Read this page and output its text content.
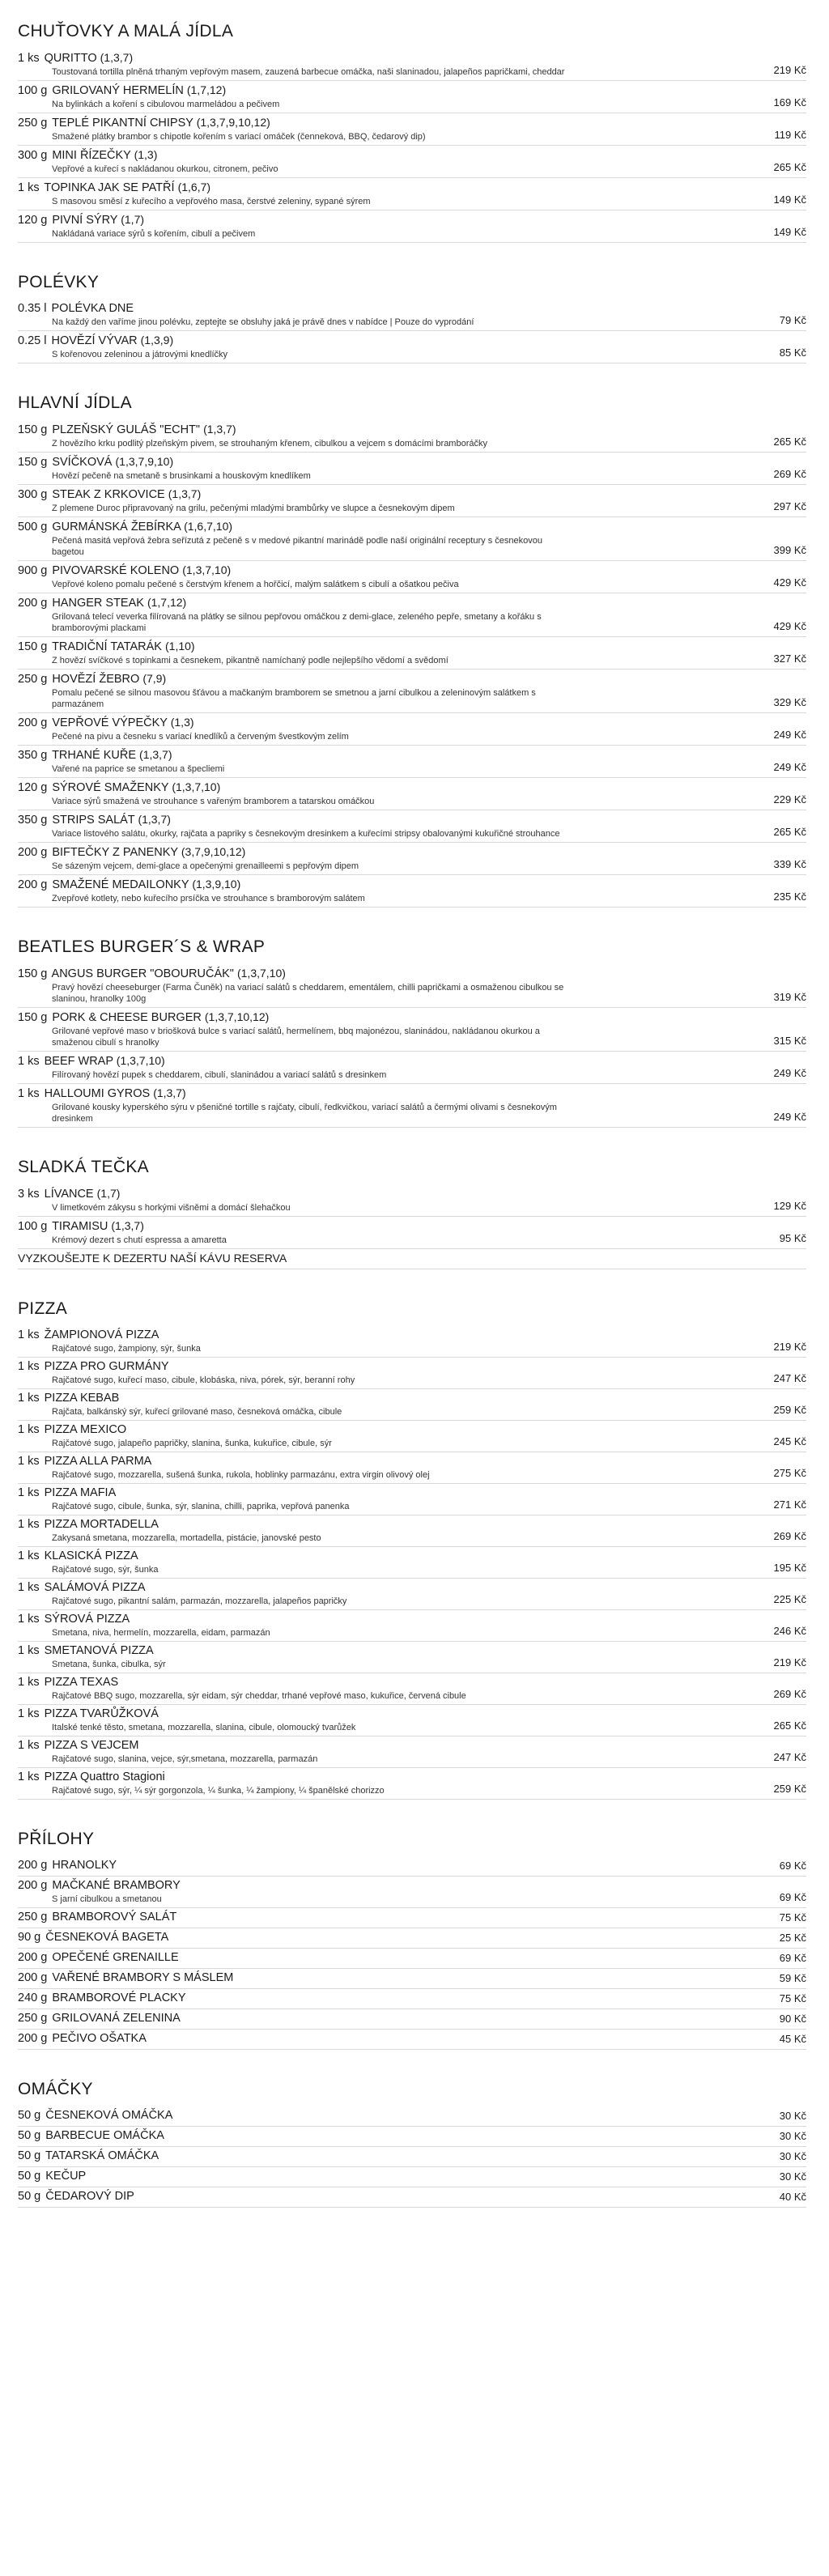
CHUŤOVKY A MALÁ JÍDLA
1 ks QURITTO (1,3,7)
Toustovaná tortilla plněná trhaným vepřovým masem, zauzená barbecue omáčka, naši slaninadou, jalapeños papričkami, cheddar	219 Kč
100 g GRILOVANÝ HERMELÍN (1,7,12)
Na bylinkách a koření s cibulovou marmeládou a pečivem	169 Kč
250 g TEPLÉ PIKANTNÍ CHIPSY (1,3,7,9,10,12)
Smažené plátky brambor s chipotle kořením s variací omáček (čenneková, BBQ, čedarový dip)	119 Kč
300 g MINI ŘÍZEČKY (1,3)
Vepřové a kuřecí s nakládanou okurkou, citronem, pečivo	265 Kč
1 ks TOPINKA JAK SE PATŘÍ (1,6,7)
S masovou směsí z kuřecího a vepřového masa, čerstvé zeleniny, sypané sýrem	149 Kč
120 g PIVNÍ SÝRY (1,7)
Nakládaná variace sýrů s kořením, cibulí a pečivem	149 Kč
POLÉVKY
0.35 l POLÉVKA DNE
Na každý den vaříme jinou polévku, zeptejte se obsluhy jaká je právě dnes v nabídce | Pouze do vyprodání	79 Kč
0.25 l HOVĚZÍ VÝVAR (1,3,9)
S kořenovou zeleninou a játrovými knedlíčky	85 Kč
HLAVNÍ JÍDLA
150 g PLZEŇSKÝ GULÁŠ "ECHT" (1,3,7)
Z hovězího krku podlitý plzeňským pivem, se strouhaným křenem, cibulkou a vejcem s domácími bramboráčky	265 Kč
150 g SVÍČKOVÁ (1,3,7,9,10)
Hovězí pečeně na smetaně s brusinkami a houskovým knedlíkem	269 Kč
300 g STEAK Z KRKOVICE (1,3,7)
Z plemene Duroc připravovaný na grilu, pečenými mladými brambůrky ve slupce a česnekovým dipem	297 Kč
500 g GURMÁNSKÁ ŽEBÍRKA (1,6,7,10)
Pečená masitá vepřová žebra seřízutá z pečeně s v medové pikantní marinádě podle naší originální receptury s česnekovou bagetou	399 Kč
900 g PIVOVARSKÉ KOLENO (1,3,7,10)
Vepřové koleno pomalu pečené s čerstvým křenem a hořčicí, malým salátkem s cibulí a ošatkou pečiva	429 Kč
200 g HANGER STEAK (1,7,12)
Grilovaná telecí veverka filírovaná na plátky se silnou pepřovou omáčkou z demi-glace, zeleného pepře, smetany a kořáku s bramborovými plackami	429 Kč
150 g TRADIČNÍ TATARÁK (1,10)
Z hovězí svíčkové s topinkami a česnekem, pikantně namíchaný podle nejlepšího vědomí a svědomí	327 Kč
250 g HOVĚZÍ ŽEBRO (7,9)
Pomalu pečené se silnou masovou šťávou a mačkaným bramborem se smetnou a jarní cibulkou a zeleninovým salátkem s parmazánem	329 Kč
200 g VEPŘOVÉ VÝPEČKY (1,3)
Pečené na pivu a česneku s variací knedlíků a červeným švestkovým zelím	249 Kč
350 g TRHANÉ KUŘE (1,3,7)
Vařené na paprice se smetanou a špecliemi	249 Kč
120 g SÝROVÉ SMAŽENKY (1,3,7,10)
Variace sýrů smažená ve strouhance s vařeným bramborem a tatarskou omáčkou	229 Kč
350 g STRIPS SALÁT (1,3,7)
Variace listového salátu, okurky, rajčata a papriky s česnekovým dresinkem a kuřecími stripsy obalovanými kukuřičné strouhance	265 Kč
200 g BIFTEČKY Z PANENKY (3,7,9,10,12)
Se sázeným vejcem, demi-glace a opečenými grenailleemi s pepřovým dipem	339 Kč
200 g SMAŽENÉ MEDAILONKY (1,3,9,10)
Zvepřové kotlety, nebo kuřecího prsíčka ve strouhance s bramborovým salátem	235 Kč
BEATLES BURGER´S & WRAP
150 g ANGUS BURGER "OBOURUČÁK" (1,3,7,10)
Pravý hovězí cheeseburger (Farma Čuněk) na variací salátů s cheddarem, ementálem, chilli papričkami a osmaženou cibulkou se slaninou, hranolky 100g	319 Kč
150 g PORK & CHEESE BURGER (1,3,7,10,12)
Grilované vepřové maso v briošková bulce s variací salátů, hermelínem, bbq majonézou, slaninádou, nakládanou okurkou a smaženou cibulí s hranolky	315 Kč
1 ks BEEF WRAP (1,3,7,10)
Filírovaný hovězí pupek s cheddarem, cibulí, slaninádou a variací salátů s dresinkem	249 Kč
1 ks HALLOUMI GYROS (1,3,7)
Grilované kousky kyperského sýru v pšeničné tortille s rajčaty, cibulí, ředkvičkou, variací salátů a čermými olivami s česnekovým dresinkem	249 Kč
SLADKÁ TEČKA
3 ks LÍVANCE (1,7)
V limetkovém zákysu s horkými višněmi a domácí šlehačkou	129 Kč
100 g TIRAMISU (1,3,7)
Krémový dezert s chutí espressa a amaretta	95 Kč
VYZKOUŠEJTE K DEZERTU NAŠÍ KÁVU RESERVA
PIZZA
1 ks ŽAMPIONOVÁ PIZZA
Rajčatové sugo, žampiony, sýr, šunka	219 Kč
1 ks PIZZA PRO GURMÁNY
Rajčatové sugo, kuřecí maso, cibule, klobáska, niva, pórek, sýr, beranní rohy	247 Kč
1 ks PIZZA KEBAB
Rajčata, balkánský sýr, kuřecí grilované maso, česneková omáčka, cibule	259 Kč
1 ks PIZZA MEXICO
Rajčatové sugo, jalapeño papričky, slanina, šunka, kukuřice, cibule, sýr	245 Kč
1 ks PIZZA ALLA PARMA
Rajčatové sugo, mozzarella, sušená šunka, rukola, hoblinky parmazánu, extra virgin olivový olej	275 Kč
1 ks PIZZA MAFIA
Rajčatové sugo, cibule, šunka, sýr, slanina, chilli, paprika, vepřová panenka	271 Kč
1 ks PIZZA MORTADELLA
Zakysaná smetana, mozzarella, mortadella, pistácie, janovské pesto	269 Kč
1 ks KLASICKÁ PIZZA
Rajčatové sugo, sýr, šunka	195 Kč
1 ks SALÁMOVÁ PIZZA
Rajčatové sugo, pikantní salám, parmazán, mozzarella, jalapeños papričky	225 Kč
1 ks SÝROVÁ PIZZA
Smetana, niva, hermelín, mozzarella, eidam, parmazán	246 Kč
1 ks SMETANOVÁ PIZZA
Smetana, šunka, cibulka, sýr	219 Kč
1 ks PIZZA TEXAS
Rajčatové BBQ sugo, mozzarella, sýr eidam, sýr cheddar, trhané vepřové maso, kukuřice, červená cibule	269 Kč
1 ks PIZZA TVARŮŽKOVÁ
Italské tenké těsto, smetana, mozzarella, slanina, cibule, olomoucký tvarůžek	265 Kč
1 ks PIZZA S VEJCEM
Rajčatové sugo, slanina, vejce, sýr,smetana, mozzarella, parmazán	247 Kč
1 ks PIZZA Quattro Stagioni
Rajčatové sugo, sýr, ¼ sýr gorgonzola, ¼ šunka, ¼ žampiony, ¼ španělské chorizzo	259 Kč
PŘÍLOHY
200 g HRANOLKY	69 Kč
200 g MAČKANÉ BRAMBORY
S jarní cibulkou a smetanou	69 Kč
250 g BRAMBOROVÝ SALÁT	75 Kč
90 g ČESNEKOVÁ BAGETA	25 Kč
200 g OPEČENÉ GRENAILLE	69 Kč
200 g VAŘENÉ BRAMBORY S MÁSLEM	59 Kč
240 g BRAMBOROVÉ PLACKY	75 Kč
250 g GRILOVANÁ ZELENINA	90 Kč
200 g PEČIVO OŠATKA	45 Kč
OMÁČKY
50 g ČESNEKOVÁ OMÁČKA	30 Kč
50 g BARBECUE OMÁČKA	30 Kč
50 g TATARSKÁ OMÁČKA	30 Kč
50 g KEČUP	30 Kč
50 g ČEDAROVÝ DIP	40 Kč
